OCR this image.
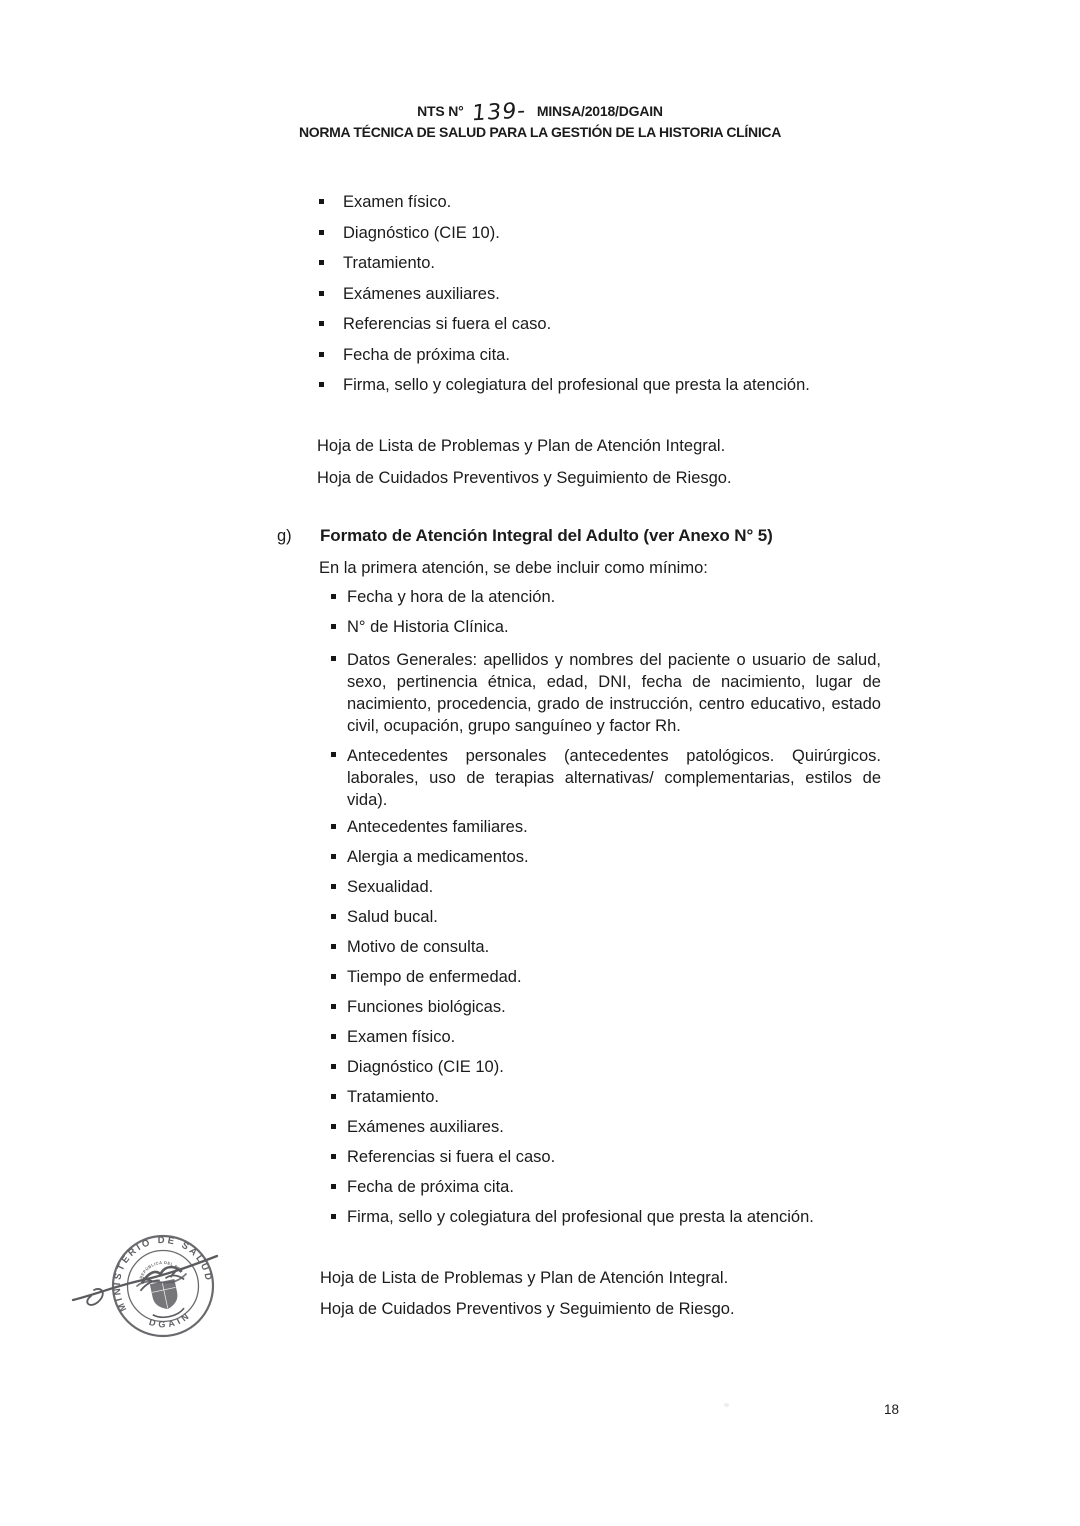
NTS N° 139- MINSA/2018/DGAIN
NORMA TÉCNICA DE SALUD PARA LA GESTIÓN DE LA HISTORIA CLÍNICA
Examen físico.
Diagnóstico (CIE 10).
Tratamiento.
Exámenes auxiliares.
Referencias si fuera el caso.
Fecha de próxima cita.
Firma, sello y colegiatura del profesional que presta la atención.
Hoja de Lista de Problemas y Plan de Atención Integral.
Hoja de Cuidados Preventivos y Seguimiento de Riesgo.
g) Formato de Atención Integral del Adulto (ver Anexo N° 5)
En la primera atención, se debe incluir como mínimo:
Fecha y hora de la atención.
N° de Historia Clínica.
Datos Generales: apellidos y nombres del paciente o usuario de salud, sexo, pertinencia étnica, edad, DNI, fecha de nacimiento, lugar de nacimiento, procedencia, grado de instrucción, centro educativo, estado civil, ocupación, grupo sanguíneo y factor Rh.
Antecedentes personales (antecedentes patológicos. Quirúrgicos. laborales, uso de terapias alternativas/ complementarias, estilos de vida).
Antecedentes familiares.
Alergia a medicamentos.
Sexualidad.
Salud bucal.
Motivo de consulta.
Tiempo de enfermedad.
Funciones biológicas.
Examen físico.
Diagnóstico (CIE 10).
Tratamiento.
Exámenes auxiliares.
Referencias si fuera el caso.
Fecha de próxima cita.
Firma, sello y colegiatura del profesional que presta la atención.
Hoja de Lista de Problemas y Plan de Atención Integral.
Hoja de Cuidados Preventivos y Seguimiento de Riesgo.
MINISTERIO DE SALUD
DGAIN
REPÚBLICA DEL PERÚ
18
